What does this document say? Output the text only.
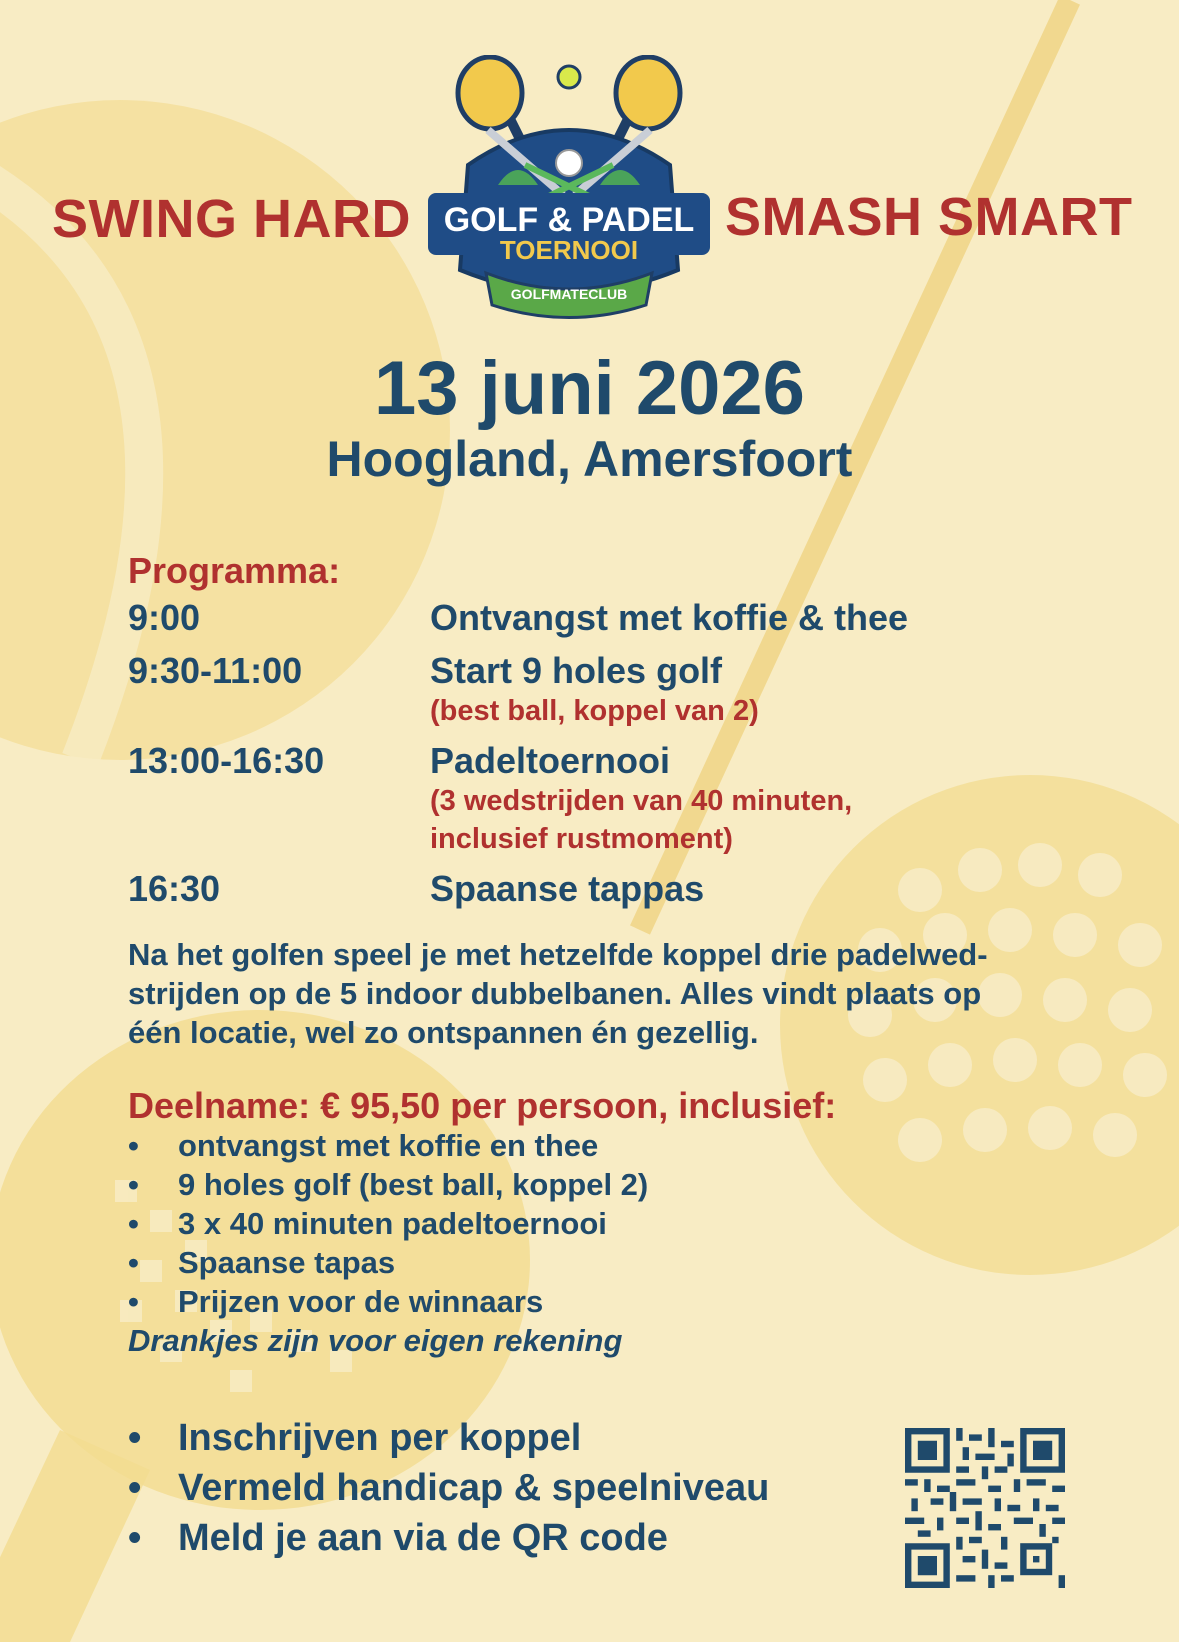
SWING HARD	SMASH SMART
GOLF & PADEL
TOERNOOI
GOLFMATECLUB
13 juni 2026
Hoogland, Amersfoort
Programma:
9:00	Ontvangst met koffie & thee
9:30-11:00	Start 9 holes golf
(best ball, koppel van 2)
13:00-16:30	Padeltoernooi
(3 wedstrijden van 40 minuten,
inclusief rustmoment)
16:30	Spaanse tappas
Na het golfen speel je met hetzelfde koppel drie padelwed-
strijden op de 5 indoor dubbelbanen. Alles vindt plaats op
één locatie, wel zo ontspannen én gezellig.
Deelname: € 95,50 per persoon, inclusief:
• ontvangst met koffie en thee
• 9 holes golf (best ball, koppel 2)
• 3 x 40 minuten padeltoernooi
• Spaanse tapas
• Prijzen voor de winnaars
Drankjes zijn voor eigen rekening
• Inschrijven per koppel
• Vermeld handicap & speelniveau
• Meld je aan via de QR code
